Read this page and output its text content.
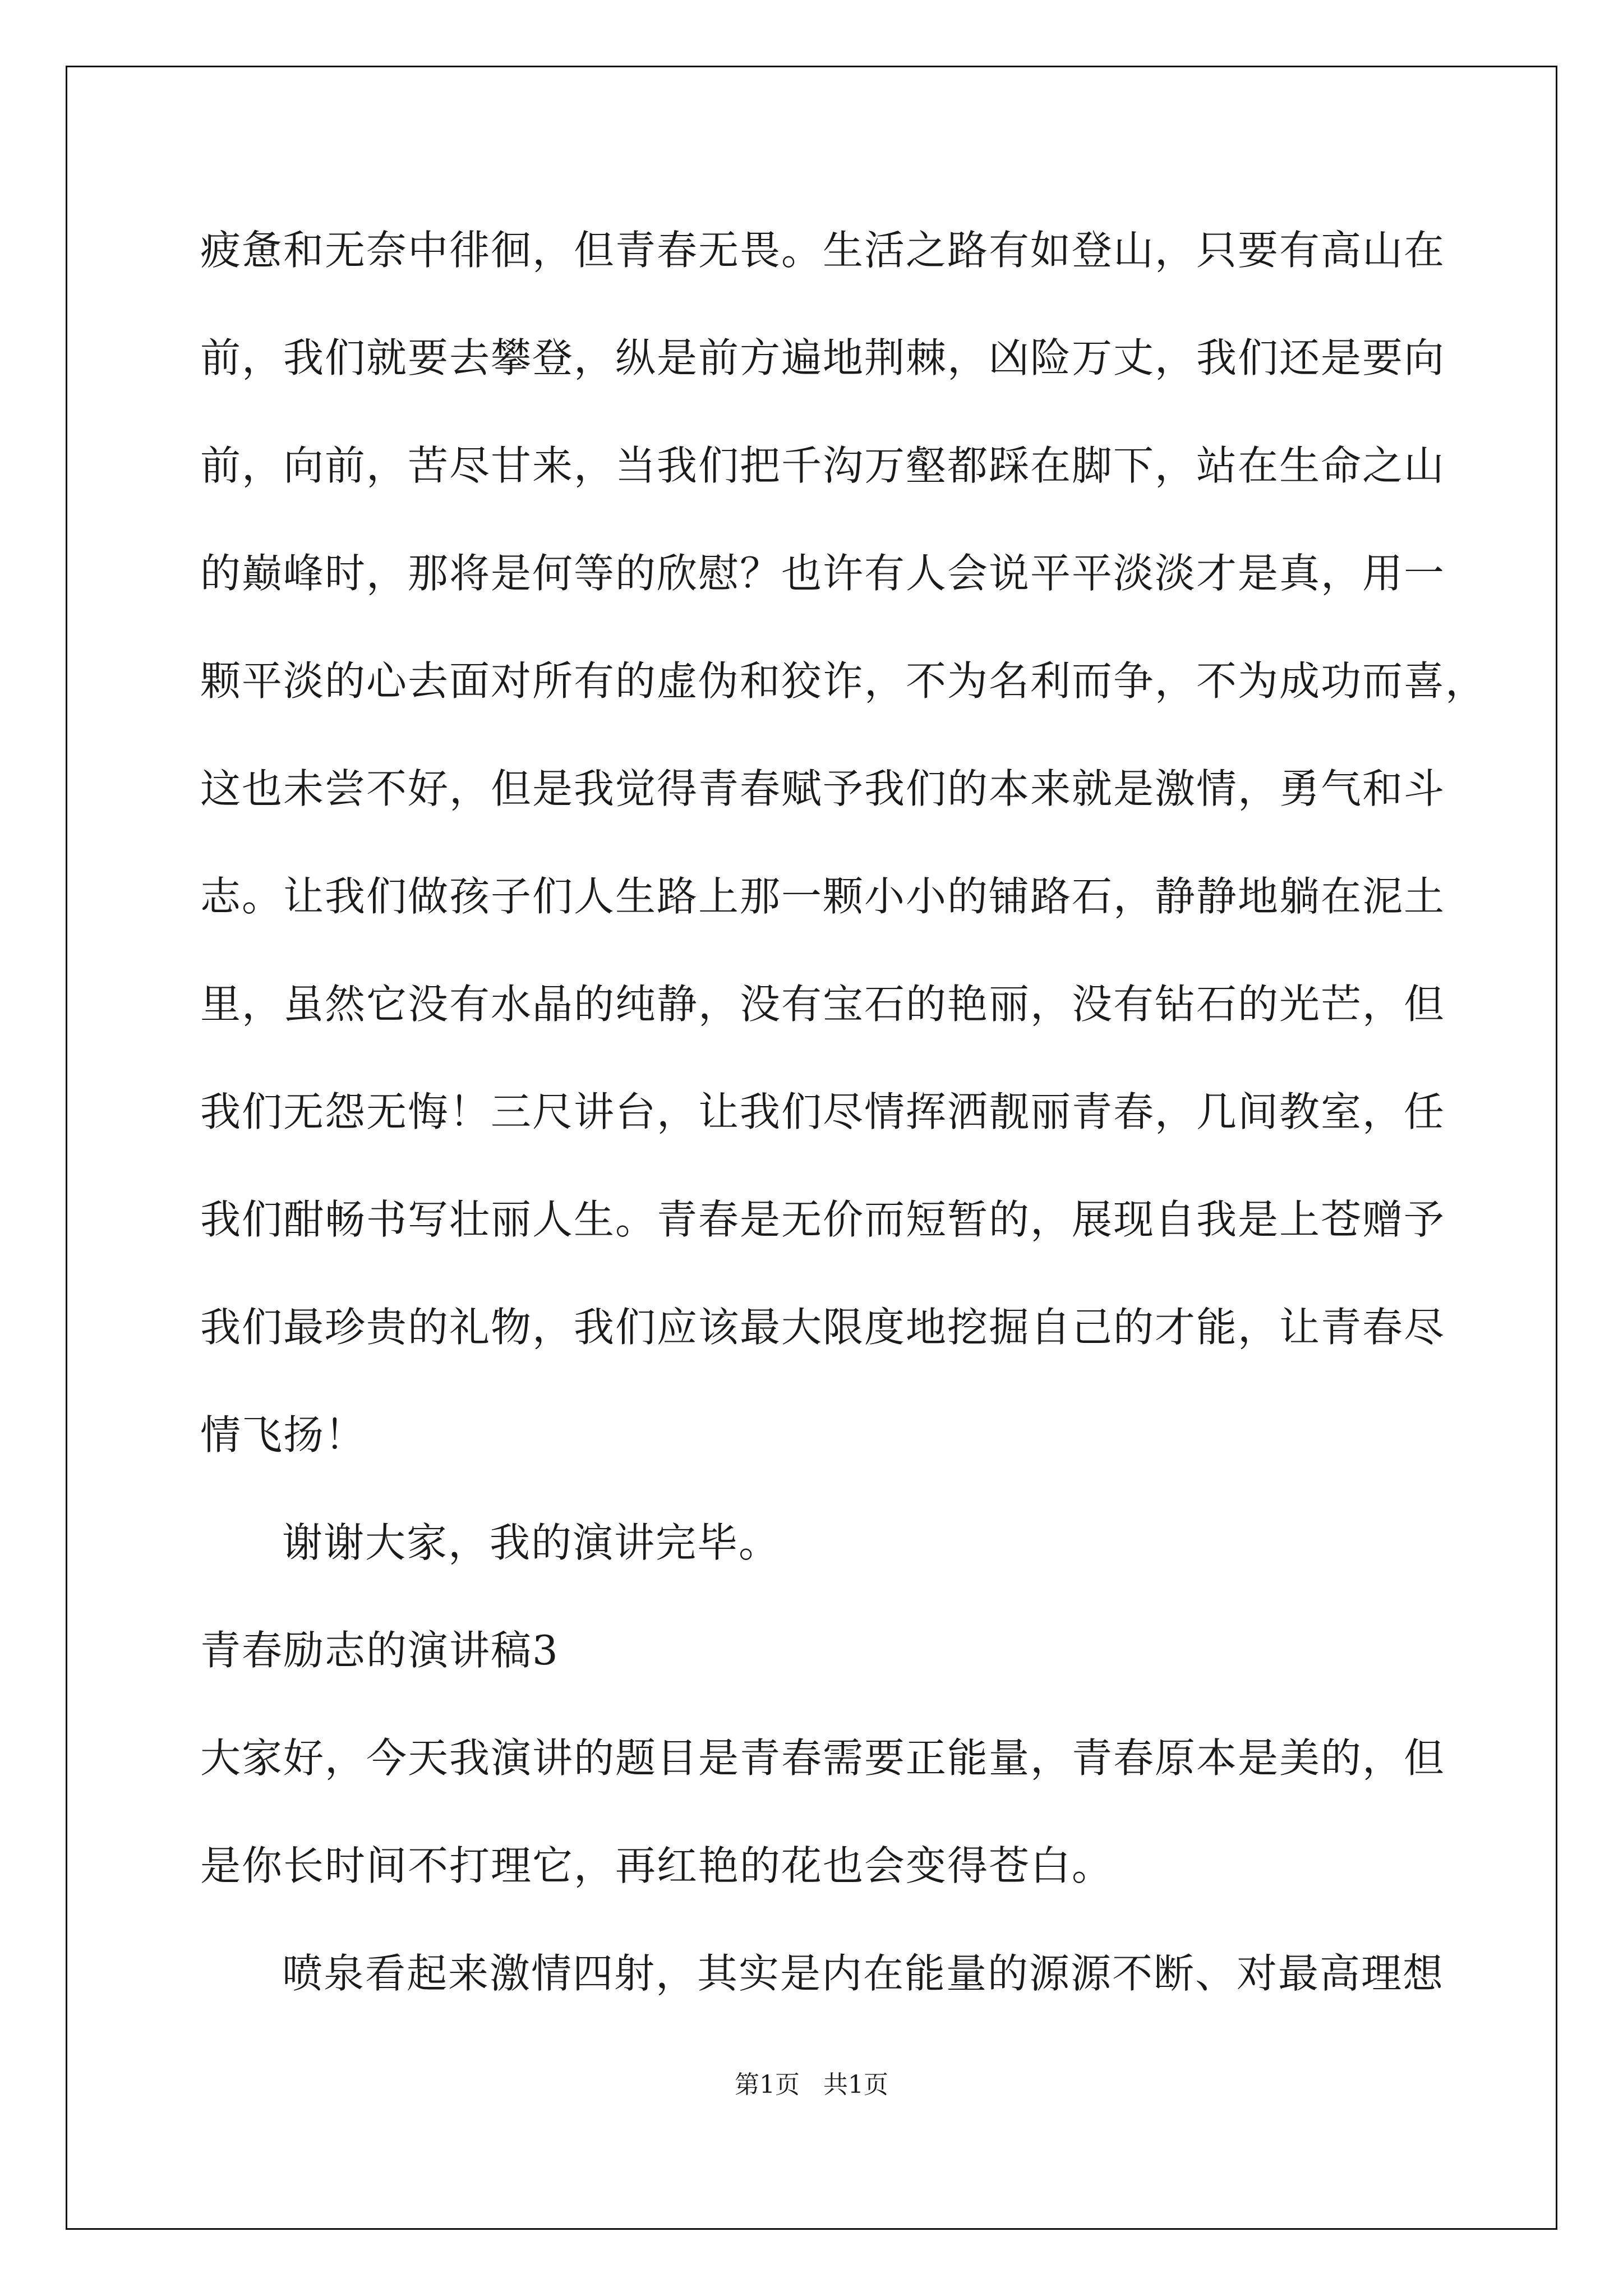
疲惫和无奈中徘徊，但青春无畏。生活之路有如登山，只要有高山在
前，我们就要去攀登，纵是前方遍地荆棘，凶险万丈，我们还是要向
前，向前，苦尽甘来，当我们把千沟万壑都踩在脚下，站在生命之山
的巅峰时，那将是何等的欣慰？也许有人会说平平淡淡才是真，用一
颗平淡的心去面对所有的虚伪和狡诈，不为名利而争，不为成功而喜，
这也未尝不好，但是我觉得青春赋予我们的本来就是激情，勇气和斗
志。让我们做孩子们人生路上那一颗小小的铺路石，静静地躺在泥土
里，虽然它没有水晶的纯静，没有宝石的艳丽，没有钻石的光芒，但
我们无怨无悔！三尺讲台，让我们尽情挥洒靓丽青春，几间教室，任
我们酣畅书写壮丽人生。青春是无价而短暂的，展现自我是上苍赠予
我们最珍贵的礼物，我们应该最大限度地挖掘自己的才能，让青春尽
情飞扬！
谢谢大家，我的演讲完毕。
青春励志的演讲稿3
大家好，今天我演讲的题目是青春需要正能量，青春原本是美的，但
是你长时间不打理它，再红艳的花也会变得苍白。
喷泉看起来激情四射，其实是内在能量的源源不断、对最高理想
第1页   共1页
